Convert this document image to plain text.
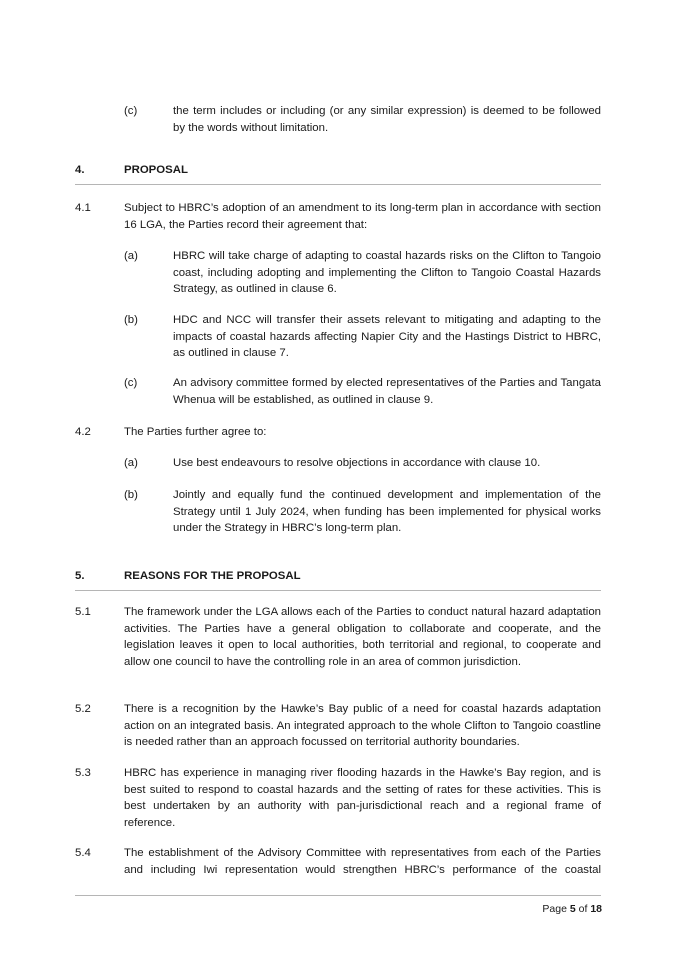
(c)	the term includes or including (or any similar expression) is deemed to be followed by the words without limitation.
4.	PROPOSAL
4.1	Subject to HBRC’s adoption of an amendment to its long-term plan in accordance with section 16 LGA, the Parties record their agreement that:
(a)	HBRC will take charge of adapting to coastal hazards risks on the Clifton to Tangoio coast, including adopting and implementing the Clifton to Tangoio Coastal Hazards Strategy, as outlined in clause 6.
(b)	HDC and NCC will transfer their assets relevant to mitigating and adapting to the impacts of coastal hazards affecting Napier City and the Hastings District to HBRC, as outlined in clause 7.
(c)	An advisory committee formed by elected representatives of the Parties and Tangata Whenua will be established, as outlined in clause 9.
4.2	The Parties further agree to:
(a)	Use best endeavours to resolve objections in accordance with clause 10.
(b)	Jointly and equally fund the continued development and implementation of the Strategy until 1 July 2024, when funding has been implemented for physical works under the Strategy in HBRC’s long-term plan.
5.	REASONS FOR THE PROPOSAL
5.1	The framework under the LGA allows each of the Parties to conduct natural hazard adaptation activities. The Parties have a general obligation to collaborate and cooperate, and the legislation leaves it open to local authorities, both territorial and regional, to cooperate and allow one council to have the controlling role in an area of common jurisdiction.
5.2	There is a recognition by the Hawke’s Bay public of a need for coastal hazards adaptation action on an integrated basis. An integrated approach to the whole Clifton to Tangoio coastline is needed rather than an approach focussed on territorial authority boundaries.
5.3	HBRC has experience in managing river flooding hazards in the Hawke’s Bay region, and is best suited to respond to coastal hazards and the setting of rates for these activities. This is best undertaken by an authority with pan-jurisdictional reach and a regional frame of reference.
5.4	The establishment of the Advisory Committee with representatives from each of the Parties and including Iwi representation would strengthen HBRC’s performance of the coastal
Page 5 of 18
